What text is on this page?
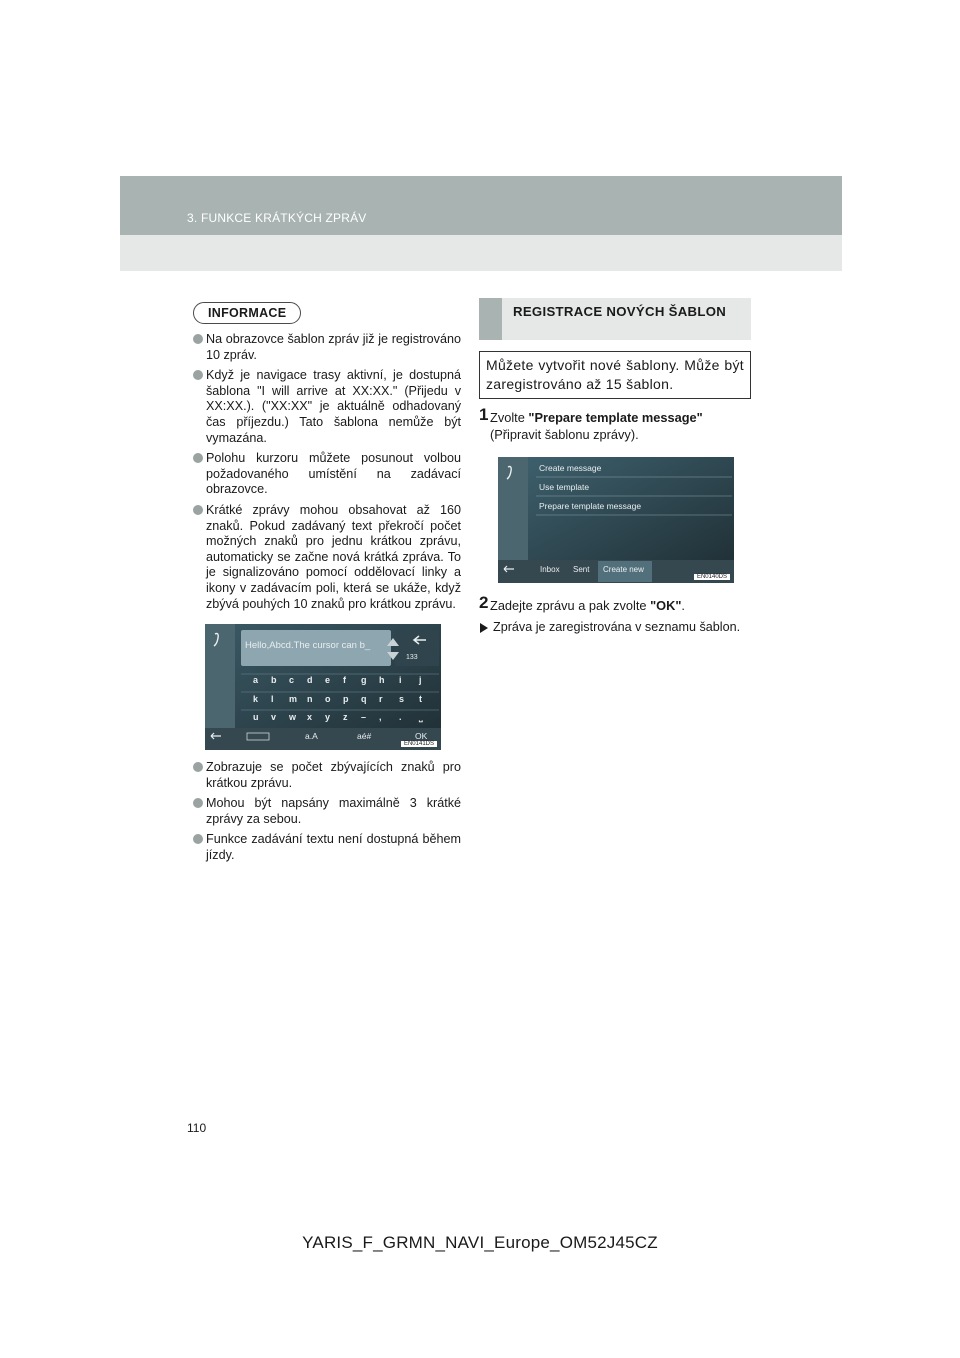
3. FUNKCE KRÁTKÝCH ZPRÁV
INFORMACE
Na obrazovce šablon zpráv již je registrováno 10 zpráv.
Když je navigace trasy aktivní, je dostupná šablona "I will arrive at XX:XX." (Přijedu v XX:XX.). ("XX:XX" je aktuálně odhadovaný čas příjezdu.) Tato šablona nemůže být vymazána.
Polohu kurzoru můžete posunout volbou požadovaného umístění na zadávací obrazovce.
Krátké zprávy mohou obsahovat až 160 znaků. Pokud zadávaný text překročí počet možných znaků pro jednu krátkou zprávu, automaticky se začne nová krátká zpráva. To je signalizováno pomocí oddělovací linky a ikony v zadávacím poli, která se ukáže, když zbývá pouhých 10 znaků pro krátkou zprávu.
Hello,Abcd.The cursor can b_
133
a b c d e f g h i j
k l m n o p q r s t
u v w x y z – , . ⎵
a.A	aé#	OK
EN0141DS
Zobrazuje se počet zbývajících znaků pro krátkou zprávu.
Mohou být napsány maximálně 3 krátké zprávy za sebou.
Funkce zadávání textu není dostupná během jízdy.
REGISTRACE NOVÝCH ŠABLON
Můžete vytvořit nové šablony. Může být zaregistrováno až 15 šablon.
1 Zvolte "Prepare template message" (Připravit šablonu zprávy).
Create message
Use template
Prepare template message
Inbox Sent Create new
EN0140DS
2 Zadejte zprávu a pak zvolte "OK".
Zpráva je zaregistrována v seznamu šablon.
110
YARIS_F_GRMN_NAVI_Europe_OM52J45CZ
